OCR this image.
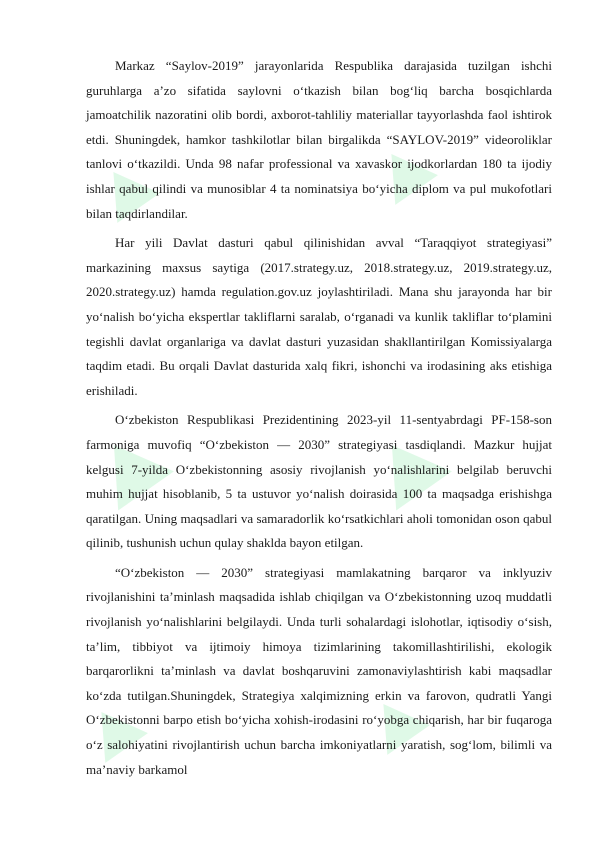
Markaz “Saylov-2019” jarayonlarida Respublika darajasida tuzilgan ishchi guruhlarga a’zo sifatida saylovni o‘tkazish bilan bog‘liq barcha bosqichlarda jamoatchilik nazoratini olib bordi, axborot-tahliliy materiallar tayyorlashda faol ishtirok etdi. Shuningdek, hamkor tashkilotlar bilan birgalikda “SAYLOV-2019” videoroliklar tanlovi o‘tkazildi. Unda 98 nafar professional va xavaskor ijodkorlardan 180 ta ijodiy ishlar qabul qilindi va munosiblar 4 ta nominatsiya bo‘yicha diplom va pul mukofotlari bilan taqdirlandilar.

Har yili Davlat dasturi qabul qilinishidan avval “Taraqqiyot strategiyasi” markazining maxsus saytiga (2017.strategy.uz, 2018.strategy.uz, 2019.strategy.uz, 2020.strategy.uz) hamda regulation.gov.uz joylashtiriladi. Mana shu jarayonda har bir yo‘nalish bo‘yicha ekspertlar takliflarni saralab, o‘rganadi va kunlik takliflar to‘plamini tegishli davlat organlariga va davlat dasturi yuzasidan shakllantirilgan Komissiyalarga taqdim etadi. Bu orqali Davlat dasturida xalq fikri, ishonchi va irodasining aks etishiga erishiladi.

O‘zbekiston Respublikasi Prezidentining 2023-yil 11-sentyabrdagi PF-158-son farmoniga muvofiq “O‘zbekiston — 2030” strategiyasi tasdiqlandi. Mazkur hujjat kelgusi 7-yilda O‘zbekistonning asosiy rivojlanish yo‘nalishlarini belgilab beruvchi muhim hujjat hisoblanib, 5 ta ustuvor yo‘nalish doirasida 100 ta maqsadga erishishga qaratilgan. Uning maqsadlari va samaradorlik ko‘rsatkichlari aholi tomonidan oson qabul qilinib, tushunish uchun qulay shaklda bayon etilgan.

“O‘zbekiston — 2030” strategiyasi mamlakatning barqaror va inklyuziv rivojlanishini ta’minlash maqsadida ishlab chiqilgan va O‘zbekistonning uzoq muddatli rivojlanish yo‘nalishlarini belgilaydi. Unda turli sohalardagi islohotlar, iqtisodiy o‘sish, ta’lim, tibbiyot va ijtimoiy himoya tizimlarining takomillashtirilishi, ekologik barqarorlikni ta’minlash va davlat boshqaruvini zamonaviylashtirish kabi maqsadlar ko‘zda tutilgan.Shuningdek, Strategiya xalqimizning erkin va farovon, qudratli Yangi O‘zbekistonni barpo etish bo‘yicha xohish-irodasini ro‘yobga chiqarish, har bir fuqaroga o‘z salohiyatini rivojlantirish uchun barcha imkoniyatlarni yaratish, sog‘lom, bilimli va ma’naviy barkamol
